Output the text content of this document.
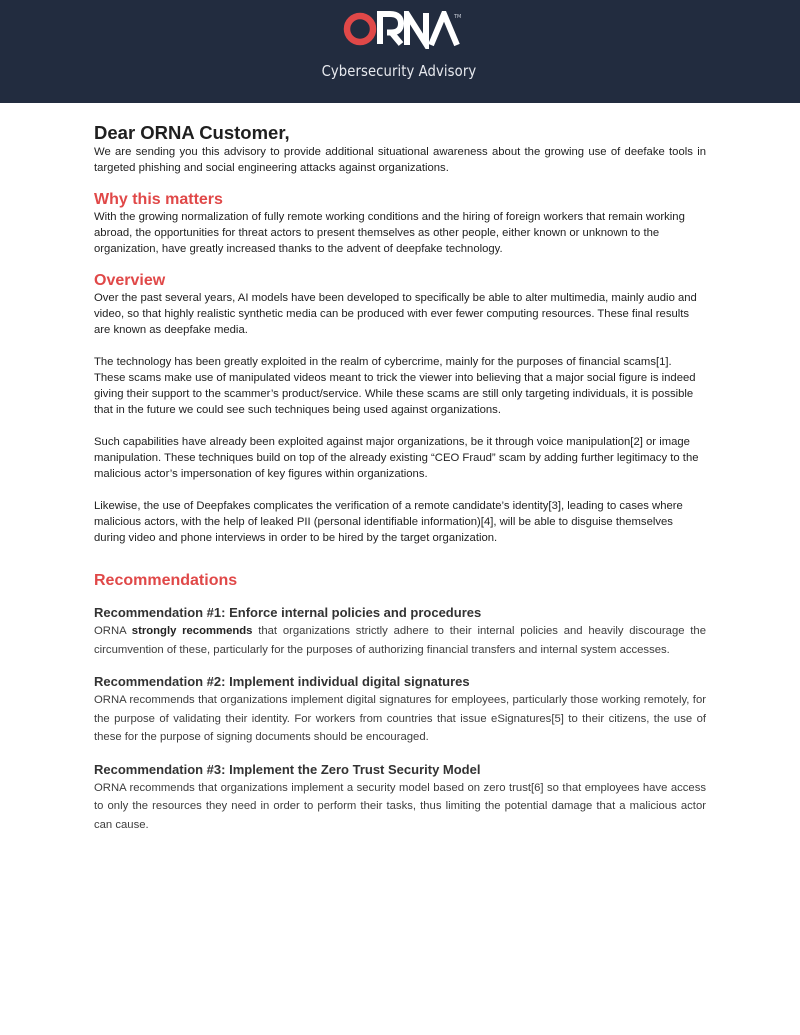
TM
Cybersecurity Advisory
Dear ORNA Customer,

We are sending you this advisory to provide additional situational awareness about the growing use of deefake tools in targeted phishing and social engineering attacks against organizations.

Why this matters

With the growing normalization of fully remote working conditions and the hiring of foreign workers that remain working abroad, the opportunities for threat actors to present themselves as other people, either known or unknown to the organization, have greatly increased thanks to the advent of deepfake technology.

Overview

Over the past several years, AI models have been developed to specifically be able to alter multimedia, mainly audio and video, so that highly realistic synthetic media can be produced with ever fewer computing resources. These final results are known as deepfake media.

The technology has been greatly exploited in the realm of cybercrime, mainly for the purposes of financial scams[1]. These scams make use of manipulated videos meant to trick the viewer into believing that a major social figure is indeed giving their support to the scammer’s product/service. While these scams are still only targeting individuals, it is possible that in the future we could see such techniques being used against organizations.

Such capabilities have already been exploited against major organizations, be it through voice manipulation[2] or image manipulation. These techniques build on top of the already existing “CEO Fraud” scam by adding further legitimacy to the malicious actor’s impersonation of key figures within organizations.

Likewise, the use of Deepfakes complicates the verification of a remote candidate’s identity[3], leading to cases where malicious actors, with the help of leaked PII (personal identifiable information)[4], will be able to disguise themselves during video and phone interviews in order to be hired by the target organization.

Recommendations
Recommendation #1: Enforce internal policies and procedures

ORNA strongly recommends that organizations strictly adhere to their internal policies and heavily discourage the circumvention of these, particularly for the purposes of authorizing financial transfers and internal system accesses.

Recommendation #2: Implement individual digital signatures

ORNA recommends that organizations implement digital signatures for employees, particularly those working remotely, for the purpose of validating their identity. For workers from countries that issue eSignatures[5] to their citizens, the use of these for the purpose of signing documents should be encouraged.

Recommendation #3: Implement the Zero Trust Security Model

ORNA recommends that organizations implement a security model based on zero trust[6] so that employees have access to only the resources they need in order to perform their tasks, thus limiting the potential damage that a malicious actor can cause.
